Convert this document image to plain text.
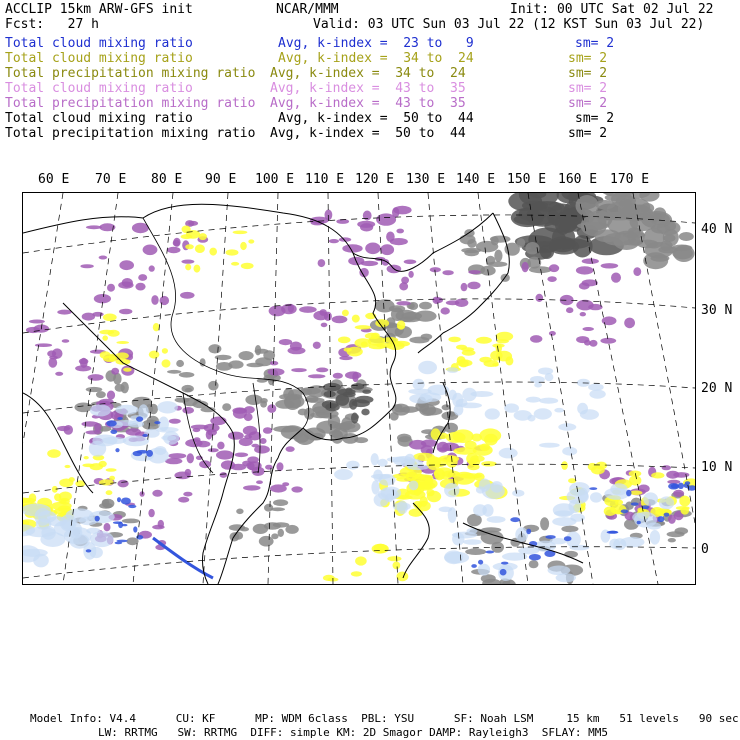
ACCLIP 15km ARW-GFS init	NCAR/MMM	Init: 00 UTC Sat 02 Jul 22
Fcst:   27 h	Valid: 03 UTC Sun 03 Jul 22 (12 KST Sun 03 Jul 22)
Total cloud mixing ratio	Avg, k-index =  23 to   9	sm= 2
Total cloud mixing ratio	Avg, k-index =  34 to  24	sm= 2
Total precipitation mixing ratio Avg, k-index =  34 to  24	sm= 2
Total cloud mixing ratio	Avg, k-index =  43 to  35	sm= 2
Total precipitation mixing ratio Avg, k-index =  43 to  35	sm= 2
Total cloud mixing ratio	Avg, k-index =  50 to  44	sm= 2
Total precipitation mixing ratio Avg, k-index =  50 to  44	sm= 2
60 E 70 E 80 E 90 E 100 E 110 E 120 E 130 E 140 E 150 E 160 E 170 E
40 N
30 N
20 N
10 N
0
Model Info: V4.4      CU: KF      MP: WDM 6class  PBL: YSU      SF: Noah LSM     15 km   51 levels   90 sec
LW: RRTMG   SW: RRTMG  DIFF: simple KM: 2D Smagor DAMP: Rayleigh3  SFLAY: MM5
